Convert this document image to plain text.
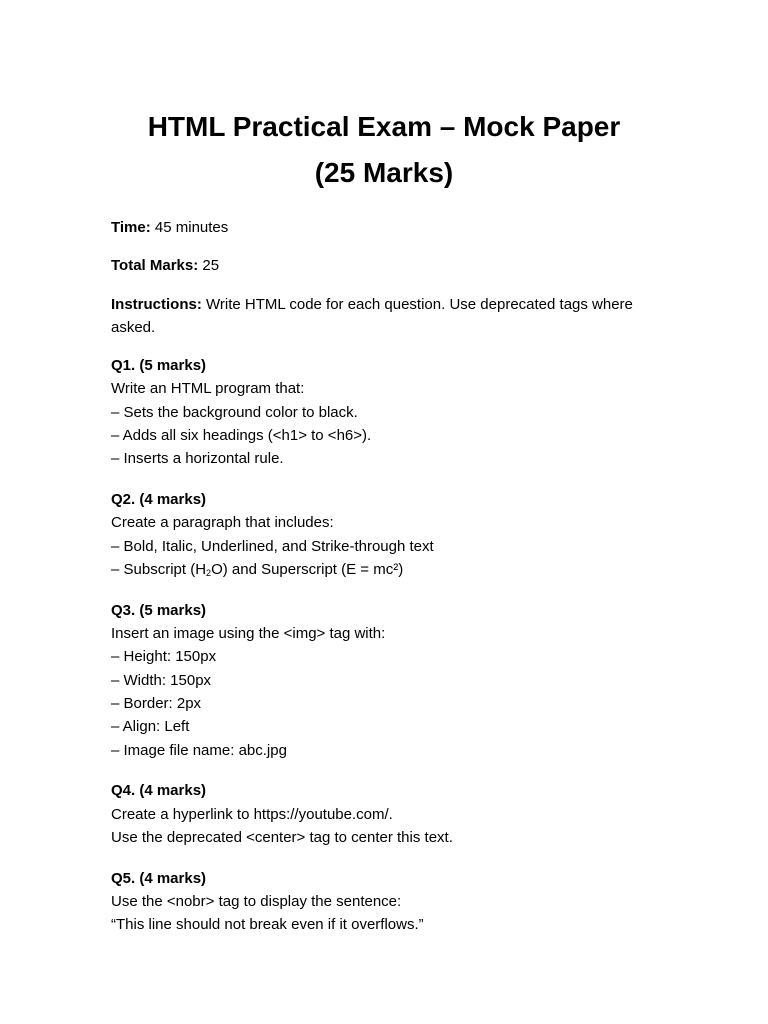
HTML Practical Exam – Mock Paper
(25 Marks)

Time: 45 minutes

Total Marks: 25

Instructions: Write HTML code for each question. Use deprecated tags where asked.

Q1. (5 marks)
Write an HTML program that:
– Sets the background color to black.
– Adds all six headings (<h1> to <h6>).
– Inserts a horizontal rule.
Q2. (4 marks)
Create a paragraph that includes:
– Bold, Italic, Underlined, and Strike-through text
– Subscript $(H_2O)$ and Superscript (E = mc²)
Q3. (5 marks)
Insert an image using the <img> tag with:
– Height: 150px
– Width: 150px
– Border: 2px
– Align: Left
– Image file name: abc.jpg
Q4. (4 marks)
Create a hyperlink to https://youtube.com/.
Use the deprecated <center> tag to center this text.
Q5. (4 marks)
Use the <nobr> tag to display the sentence:
“This line should not break even if it overflows.”
